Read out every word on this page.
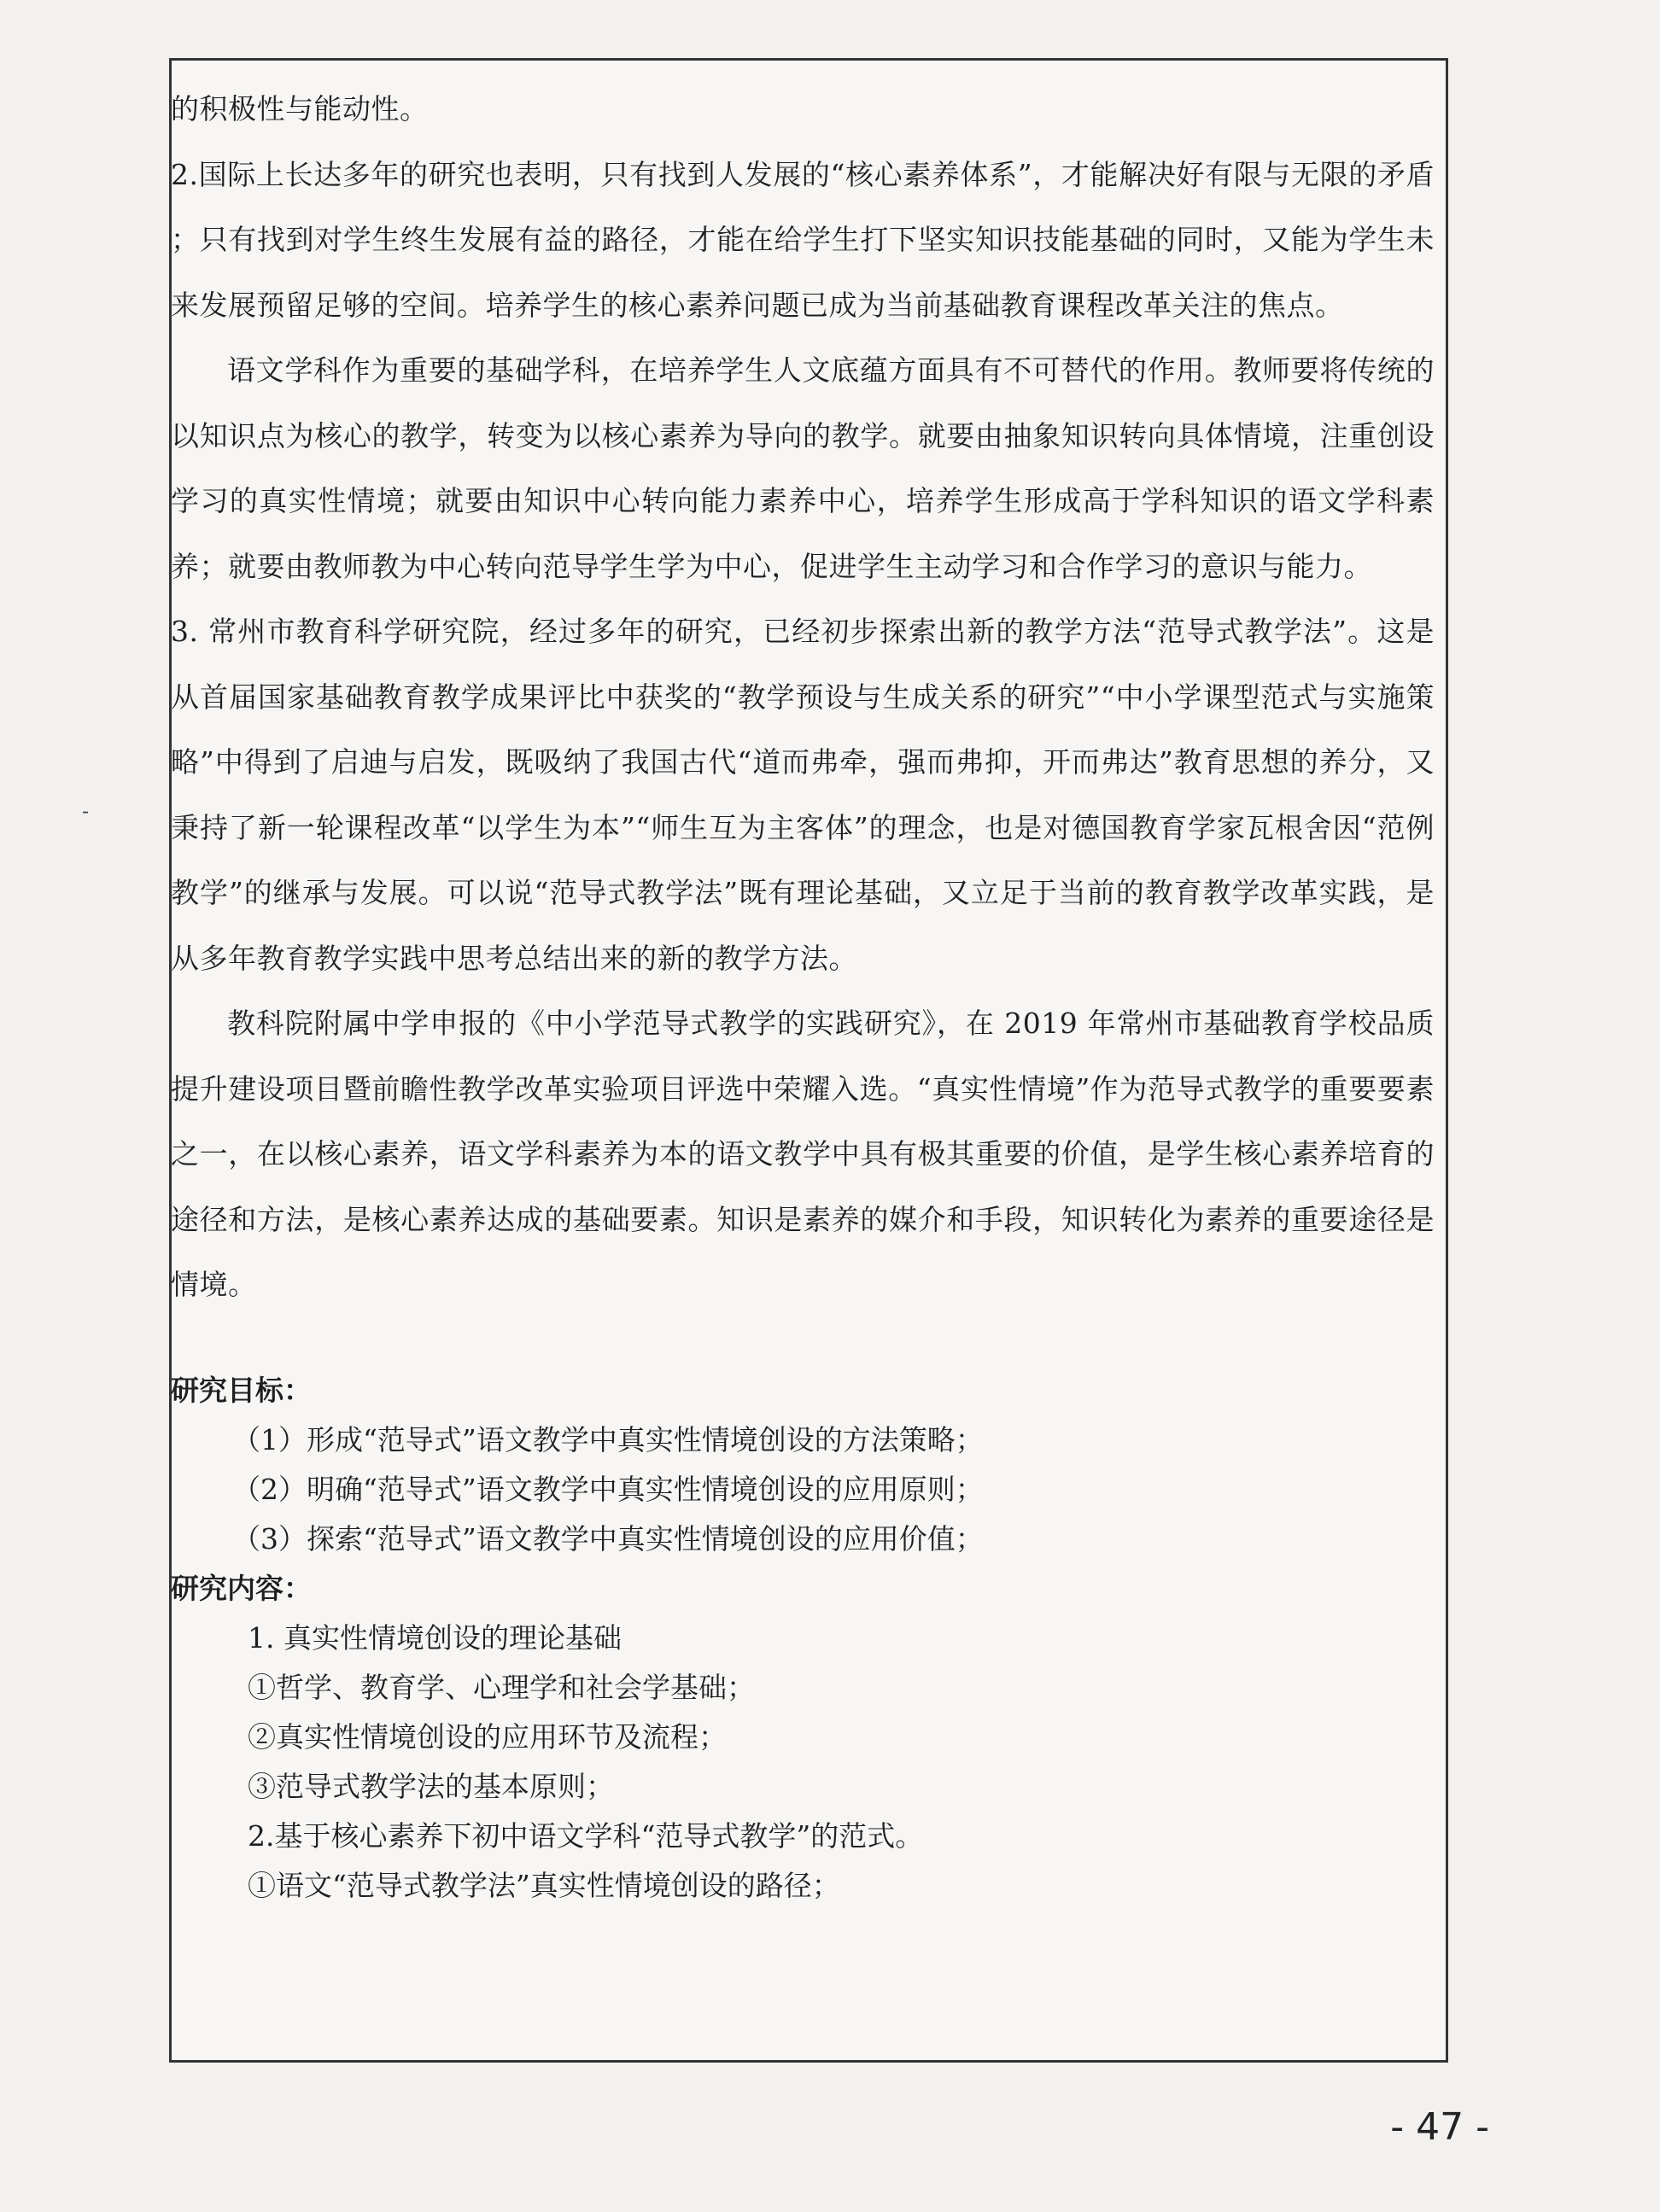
-

的积极性与能动性。

2.国际上长达多年的研究也表明，只有找到人发展的“核心素养体系”，才能解决好有限与无限的矛盾 ；只有找到对学生终生发展有益的路径，才能在给学生打下坚实知识技能基础的同时，又能为学生未来发展预留足够的空间。培养学生的核心素养问题已成为当前基础教育课程改革关注的焦点。

语文学科作为重要的基础学科，在培养学生人文底蕴方面具有不可替代的作用。教师要将传统的以知识点为核心的教学，转变为以核心素养为导向的教学。就要由抽象知识转向具体情境，注重创设学习的真实性情境；就要由知识中心转向能力素养中心，培养学生形成高于学科知识的语文学科素养；就要由教师教为中心转向范导学生学为中心，促进学生主动学习和合作学习的意识与能力。

3. 常州市教育科学研究院，经过多年的研究，已经初步探索出新的教学方法“范导式教学法”。这是从首届国家基础教育教学成果评比中获奖的“教学预设与生成关系的研究”“中小学课型范式与实施策略”中得到了启迪与启发，既吸纳了我国古代“道而弗牵，强而弗抑，开而弗达”教育思想的养分，又秉持了新一轮课程改革“以学生为本”“师生互为主客体”的理念，也是对德国教育学家瓦根舍因“范例教学”的继承与发展。可以说“范导式教学法”既有理论基础，又立足于当前的教育教学改革实践，是从多年教育教学实践中思考总结出来的新的教学方法。

教科院附属中学申报的《中小学范导式教学的实践研究》，在 2019 年常州市基础教育学校品质提升建设项目暨前瞻性教学改革实验项目评选中荣耀入选。“真实性情境”作为范导式教学的重要要素之一，在以核心素养，语文学科素养为本的语文教学中具有极其重要的价值，是学生核心素养培育的途径和方法，是核心素养达成的基础要素。知识是素养的媒介和手段，知识转化为素养的重要途径是情境。

研究目标：

（1）形成“范导式”语文教学中真实性情境创设的方法策略；

（2）明确“范导式”语文教学中真实性情境创设的应用原则；

（3）探索“范导式”语文教学中真实性情境创设的应用价值；

研究内容：

1. 真实性情境创设的理论基础

①哲学、教育学、心理学和社会学基础；

②真实性情境创设的应用环节及流程；

③范导式教学法的基本原则；

2.基于核心素养下初中语文学科“范导式教学”的范式。

①语文“范导式教学法”真实性情境创设的路径；

- 47 -
